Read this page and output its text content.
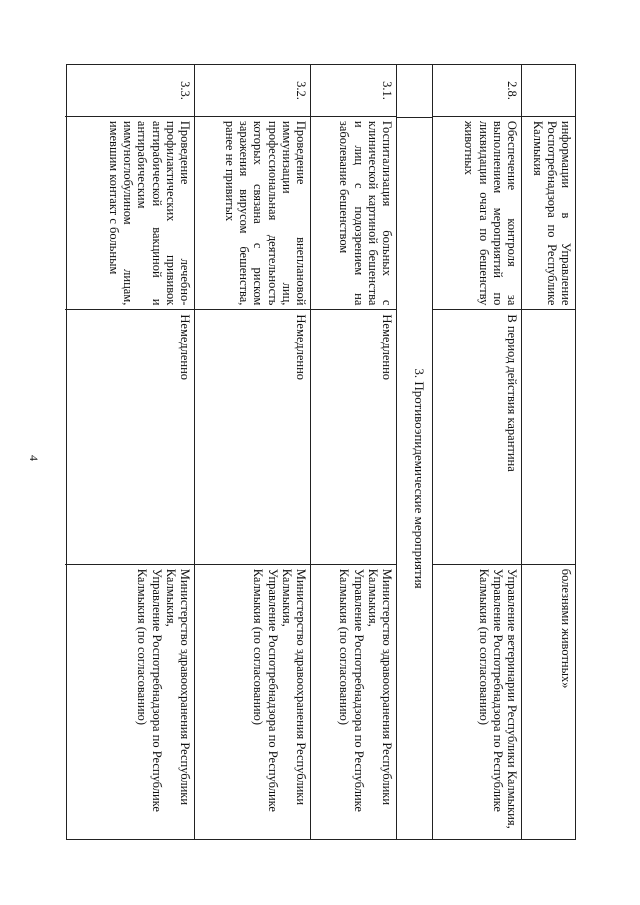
4
информации в Управление Роспотребнадзора по Республике Калмыкия
болезнями животных»
2.8.
Обеспечение контроля за выполнением мероприятий по ликвидации очага по бешенству животных
В период действия карантина
Управление ветеринарии Республики Калмыкия,
Управление Роспотребнадзора по Республике Калмыкия (по согласованию)
3. Противоэпидемические мероприятия
3.1.
Госпитализация больных с клинической картиной бешенства и лиц с подозрением на заболевание бешенством
Немедленно
Министерство здравоохранения Республики Калмыкия,
Управление Роспотребнадзора по Республике Калмыкия (по согласованию)
3.2.
Проведение внеплановой иммунизации лиц, профессиональная деятельность которых связана с риском заражения вирусом бешенства, ранее не привитых
Немедленно
Министерство здравоохранения Республики Калмыкия,
Управление Роспотребнадзора по Республике Калмыкия (по согласованию)
3.3.
Проведение лечебно-профилактических прививок антирабической вакциной и антирабическим иммуноглобулином лицам, имевшим контакт с больным
Немедленно
Министерство здравоохранения Республики Калмыкия,
Управление Роспотребнадзора по Республике Калмыкия (по согласованию)
